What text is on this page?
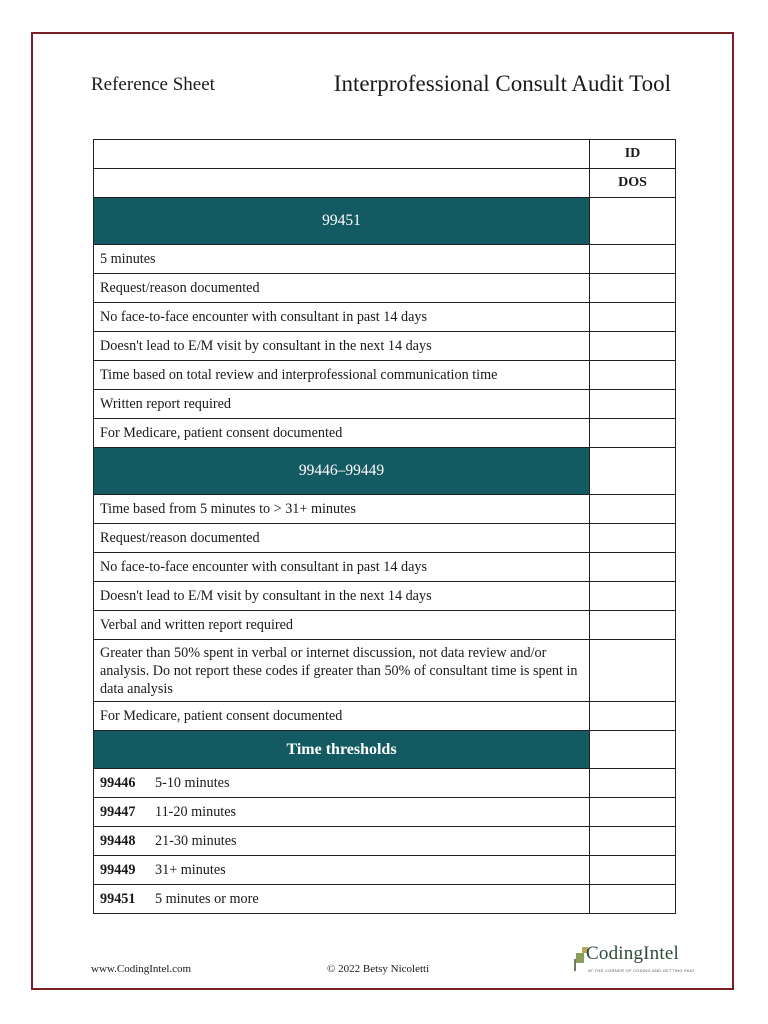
Reference Sheet	Interprofessional Consult Audit Tool
	ID
	DOS
99451	
5 minutes	
Request/reason documented	
No face-to-face encounter with consultant in past 14 days	
Doesn't lead to E/M visit by consultant in the next 14 days	
Time based on total review and interprofessional communication time	
Written report required	
For Medicare, patient consent documented	
99446–99449	
Time based from 5 minutes to > 31+ minutes	
Request/reason documented	
No face-to-face encounter with consultant in past 14 days	
Doesn't lead to E/M visit by consultant in the next 14 days	
Verbal and written report required	
Greater than 50% spent in verbal or internet discussion, not data review and/or analysis. Do not report these codes if greater than 50% of consultant time is spent in data analysis	
For Medicare, patient consent documented	
Time thresholds	
99446 5-10 minutes	
99447 11-20 minutes	
99448 21-30 minutes	
99449 31+ minutes	
99451 5 minutes or more	
www.CodingIntel.com	© 2022 Betsy Nicoletti
CodingIntel
AT THE CORNER OF CODING AND GETTING PAID
